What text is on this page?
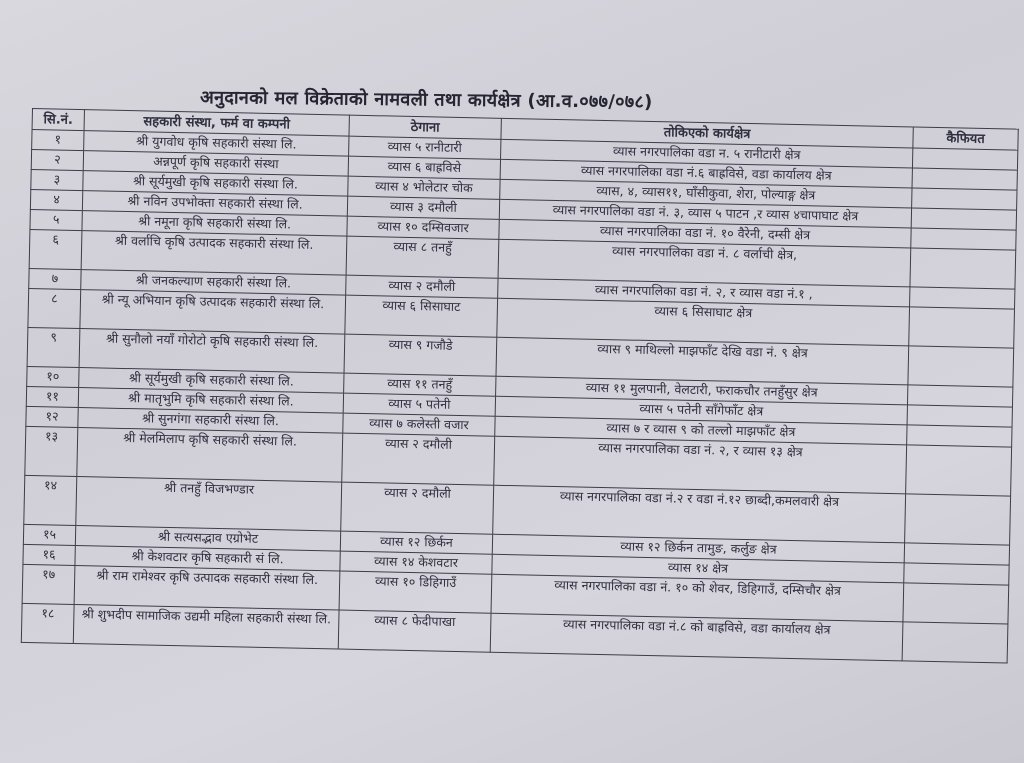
अनुदानको मल विक्रेताको नामवली तथा कार्यक्षेत्र (आ.व.०७७/०७८)
सि.नं.	सहकारी संस्था, फर्म वा कम्पनी	ठेगाना	तोकिएको कार्यक्षेत्र	कैफियत
१	श्री युगवोध कृषि सहकारी संस्था लि.	व्यास ५ रानीटारी	व्यास नगरपालिका वडा न. ५ रानीटारी क्षेत्र	
२	अन्नपूर्ण कृषि सहकारी संस्था	व्यास ६ बाह्रविसे	व्यास नगरपालिका वडा नं.६ बाह्रविसे, वडा कार्यालय क्षेत्र	
३	श्री सूर्यमुखी कृषि सहकारी संस्था लि.	व्यास ४ भोलेटार चोक	व्यास, ४, व्यास११, घाँसीकुवा, शेरा, पोल्याङ्ग क्षेत्र	
४	श्री नविन उपभोक्ता सहकारी संस्था लि.	व्यास ३ दमौली	व्यास नगरपालिका वडा नं. ३, व्यास ५ पाटन ,र व्यास ४चापाघाट क्षेत्र	
५	श्री नमूना कृषि सहकारी संस्था लि.	व्यास १० दम्सिवजार	व्यास नगरपालिका वडा नं. १० वैरेनी, दम्सी क्षेत्र	
६	श्री वर्लाचि कृषि उत्पादक सहकारी संस्था लि.	व्यास ८ तनहुँ	व्यास नगरपालिका वडा नं. ८ वर्लाची क्षेत्र,	
७	श्री जनकल्याण सहकारी संस्था लि.	व्यास २ दमौली	व्यास नगरपालिका वडा नं. २, र व्यास वडा नं.१ ,	
८	श्री न्यू अभियान कृषि उत्पादक सहकारी संस्था लि.	व्यास ६ सिसाघाट	व्यास ६ सिसाघाट क्षेत्र	
९	श्री सुनौलो नयाँ गोरोटो कृषि सहकारी संस्था लि.	व्यास ९ गजौडे	व्यास ९ माथिल्लो माझफाँट देखि वडा नं. ९ क्षेत्र	
१०	श्री सूर्यमुखी कृषि सहकारी संस्था लि.	व्यास ११ तनहुँ	व्यास ११ मुलपानी, वेलटारी, फराकचौर तनहुँसुर क्षेत्र	
११	श्री मातृभुमि कृषि सहकारी संस्था लि.	व्यास ५ पतेनी	व्यास ५ पतेनी साँगेफाँट क्षेत्र	
१२	श्री सुनगंगा सहकारी संस्था लि.	व्यास ७ कलेस्ती वजार	व्यास ७ र व्यास ९ को तल्लो माझफाँट क्षेत्र	
१३	श्री मेलमिलाप कृषि सहकारी संस्था लि.	व्यास २ दमौली	व्यास नगरपालिका वडा नं. २, र व्यास १३ क्षेत्र	
१४	श्री तनहुँ विजभण्डार	व्यास २ दमौली	व्यास नगरपालिका वडा नं.२ र वडा नं.१२ छाब्दी,कमलवारी क्षेत्र	
१५	श्री सत्यसद्भाव एग्रोभेट	व्यास १२ छिर्कन	व्यास १२ छिर्कन तामुङ, कर्लुङ क्षेत्र	
१६	श्री केशवटार कृषि सहकारी सं लि.	व्यास १४ केशवटार	व्यास १४ क्षेत्र	
१७	श्री राम रामेश्वर कृषि उत्पादक सहकारी संस्था लि.	व्यास १० डिहिगाउँ	व्यास नगरपालिका वडा नं. १० को शेवर, डिहिगाउँ, दम्सिचौर क्षेत्र	
१८	श्री शुभदीप सामाजिक उद्यमी महिला सहकारी संस्था लि.	व्यास ८ फेदीपाखा	व्यास नगरपालिका वडा नं.८ को बाह्रविसे, वडा कार्यालय क्षेत्र	
